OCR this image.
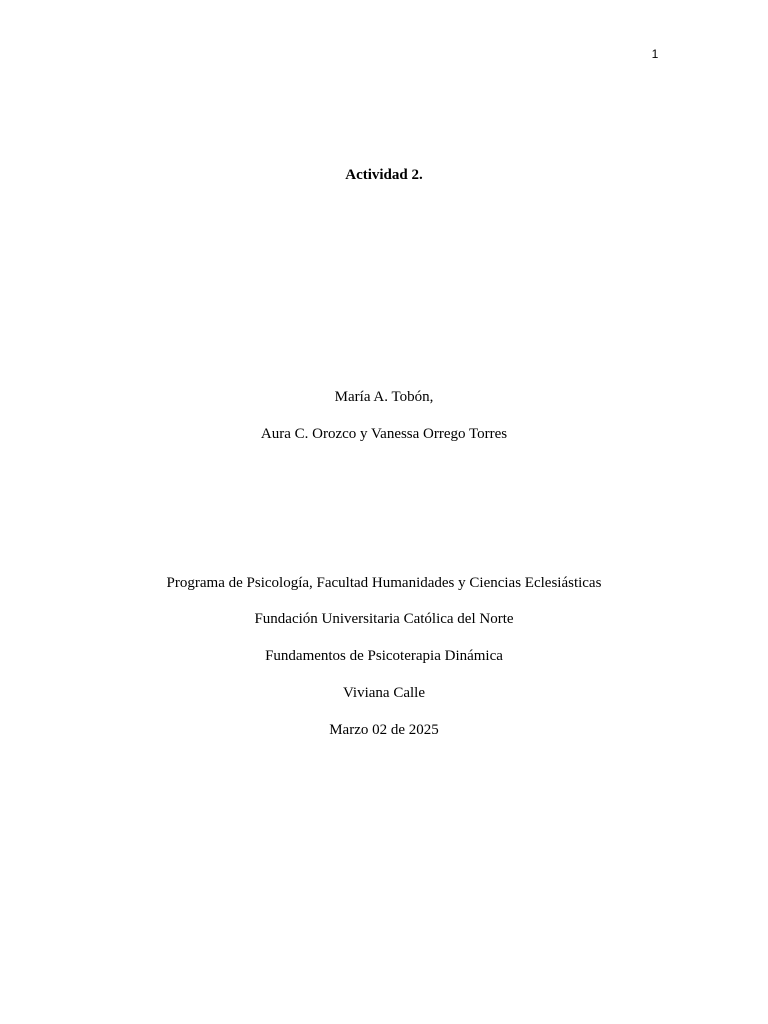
1
Actividad 2.
María A. Tobón,
Aura C. Orozco y Vanessa Orrego Torres
Programa de Psicología, Facultad Humanidades y Ciencias Eclesiásticas
Fundación Universitaria Católica del Norte
Fundamentos de Psicoterapia Dinámica
Viviana Calle
Marzo 02 de 2025
